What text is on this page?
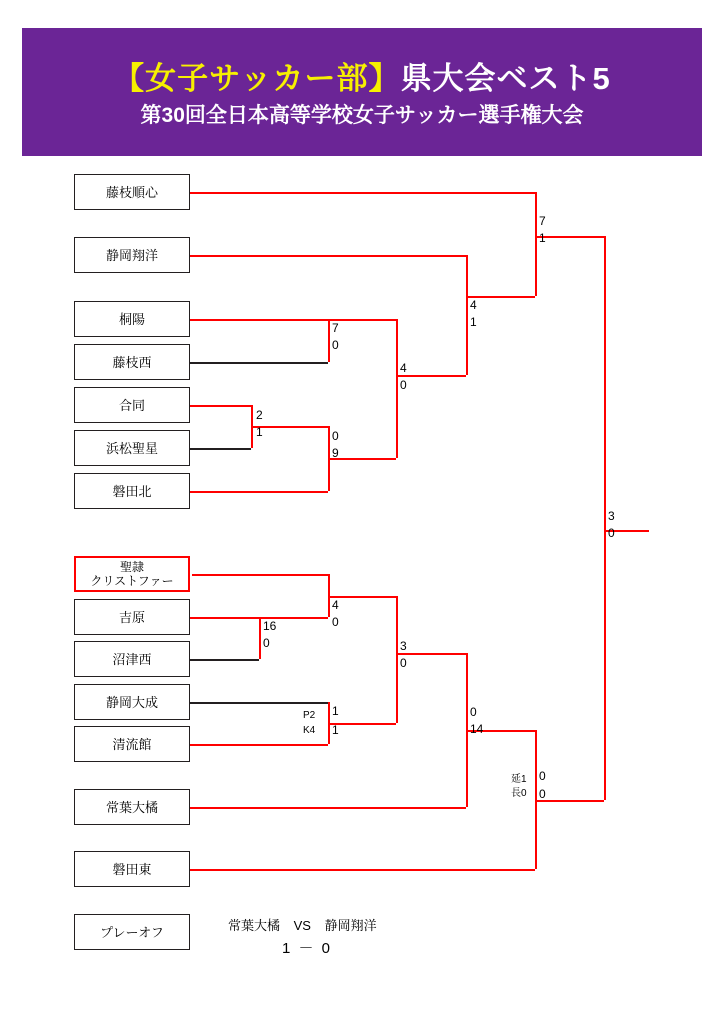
【女子サッカー部】県大会ベスト5
第30回全日本高等学校女子サッカー選手権大会
藤枝順心
静岡翔洋
桐陽
藤枝西
合同
浜松聖星
磐田北
聖隷
クリストファー
吉原
沼津西
静岡大成
清流館
常葉大橘
磐田東
プレーオフ
7
0
2
1
4
0
0
9
4
1
7
1
3
0
4
0
16
0
P2
K4
1
1
3
0
0
14
延1
長0
0
0
常葉大橘 VS 静岡翔洋
1 － 0
